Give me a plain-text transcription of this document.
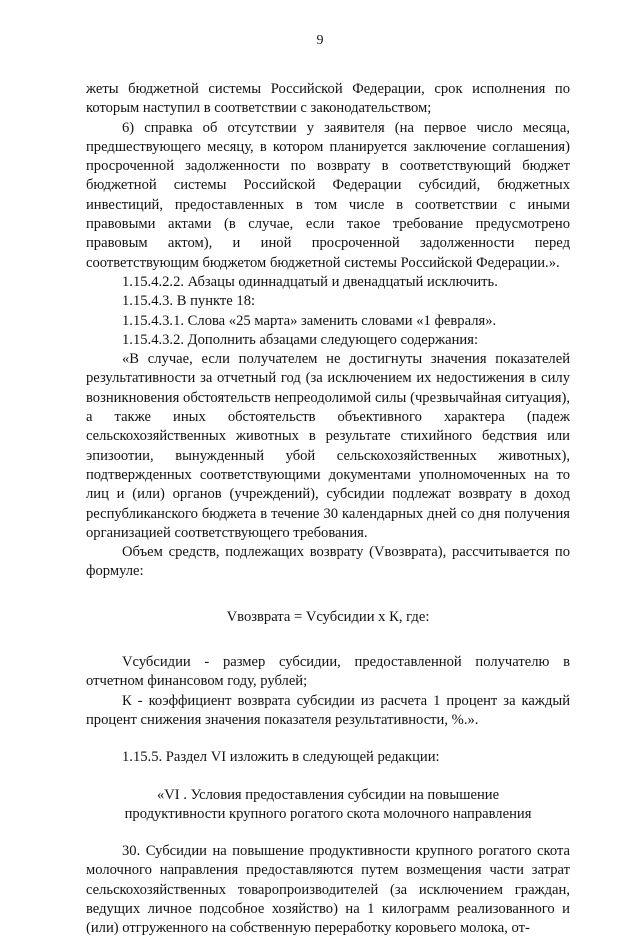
9

жеты бюджетной системы Российской Федерации, срок исполнения по которым наступил в соответствии с законодательством;

6) справка об отсутствии у заявителя (на первое число месяца, предшествующего месяцу, в котором планируется заключение соглашения) просроченной задолженности по возврату в соответствующий бюджет бюджетной системы Российской Федерации субсидий, бюджетных инвестиций, предоставленных в том числе в соответствии с иными правовыми актами (в случае, если такое требование предусмотрено правовым актом), и иной просроченной задолженности перед соответствующим бюджетом бюджетной системы Российской Федерации.».

1.15.4.2.2. Абзацы одиннадцатый и двенадцатый исключить.

1.15.4.3. В пункте 18:

1.15.4.3.1. Слова «25 марта» заменить словами «1 февраля».

1.15.4.3.2. Дополнить абзацами следующего содержания:

«В случае, если получателем не достигнуты значения показателей результативности за отчетный год (за исключением их недостижения в силу возникновения обстоятельств непреодолимой силы (чрезвычайная ситуация), а также иных обстоятельств объективного характера (падеж сельскохозяйственных животных в результате стихийного бедствия или эпизоотии, вынужденный убой сельскохозяйственных животных), подтвержденных соответствующими документами уполномоченных на то лиц и (или) органов (учреждений), субсидии подлежат возврату в доход республиканского бюджета в течение 30 календарных дней со дня получения организацией соответствующего требования.

Объем средств, подлежащих возврату (Vвозврата), рассчитывается по формуле:

Vвозврата = Vсубсидии х К, где:

Vсубсидии - размер субсидии, предоставленной получателю в отчетном финансовом году, рублей;

К - коэффициент возврата субсидии из расчета 1 процент за каждый процент снижения значения показателя результативности, %.».

1.15.5. Раздел VI изложить в следующей редакции:

«VI . Условия предоставления субсидии на повышение

продуктивности крупного рогатого скота молочного направления

30. Субсидии на повышение продуктивности крупного рогатого скота молочного направления предоставляются путем возмещения части затрат сельскохозяйственных товаропроизводителей (за исключением граждан, ведущих личное подсобное хозяйство) на 1 килограмм реализованного и (или) отгруженного на собственную переработку коровьего молока, от-
